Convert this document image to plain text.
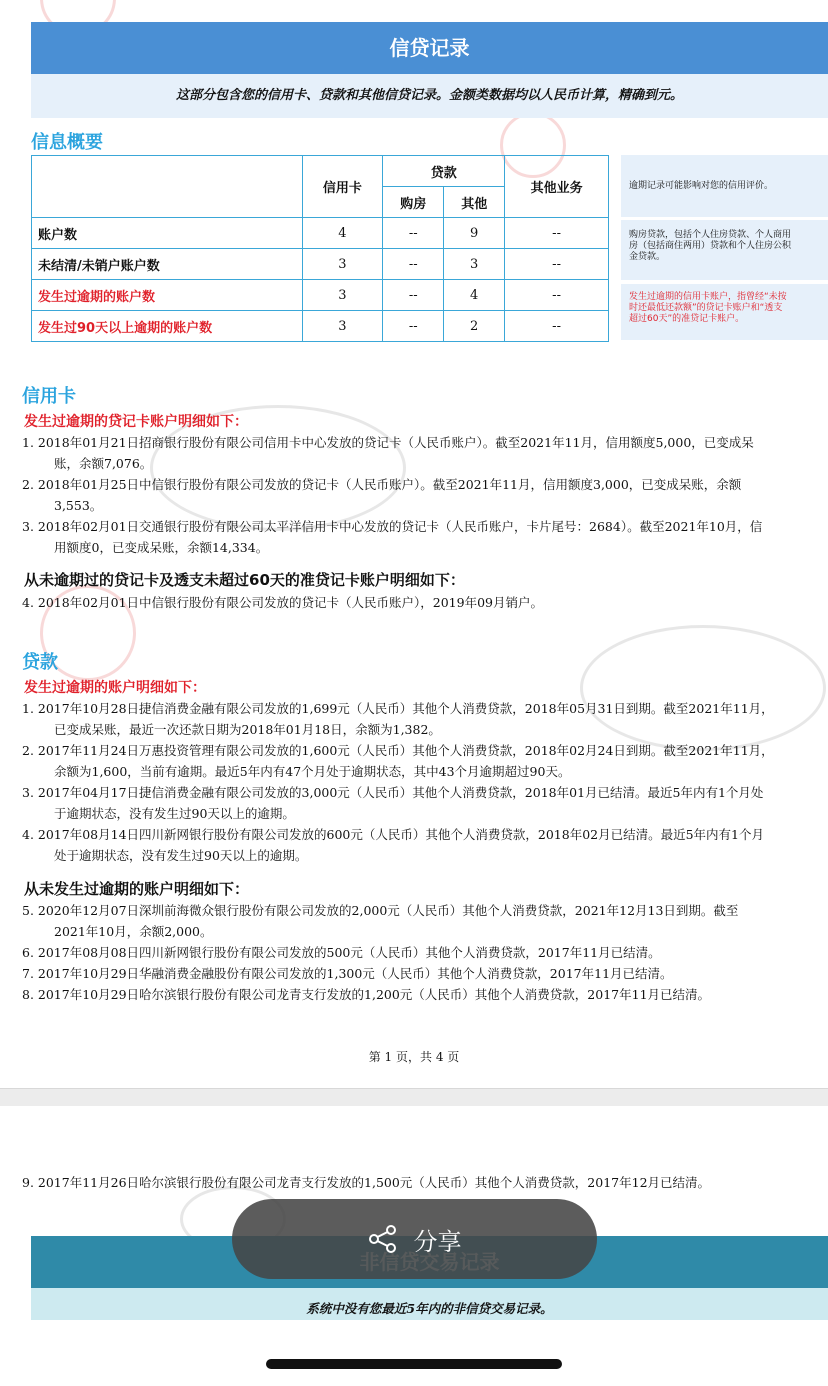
信贷记录
这部分包含您的信用卡、贷款和其他信贷记录。金额类数据均以人民币计算，精确到元。
信息概要
	信用卡	贷款		其他业务
		购房	其他	
账户数	4	--	9	--
未结清/未销户账户数	3	--	3	--
发生过逾期的账户数	3	--	4	--
发生过90天以上逾期的账户数	3	--	2	--
逾期记录可能影响对您的信用评价。
购房贷款，包括个人住房贷款、个人商用
房（包括商住两用）贷款和个人住房公积
金贷款。
发生过逾期的信用卡账户，指曾经“未按
时还最低还款额”的贷记卡账户和“透支
超过60天”的准贷记卡账户。
信用卡
发生过逾期的贷记卡账户明细如下：
1. 2018年01月21日招商银行股份有限公司信用卡中心发放的贷记卡（人民币账户）。截至2021年11月，信用额度5,000，已变成呆
账，余额7,076。
2. 2018年01月25日中信银行股份有限公司发放的贷记卡（人民币账户）。截至2021年11月，信用额度3,000，已变成呆账，余额
3,553。
3. 2018年02月01日交通银行股份有限公司太平洋信用卡中心发放的贷记卡（人民币账户，卡片尾号：2684）。截至2021年10月，信
用额度0，已变成呆账，余额14,334。
从未逾期过的贷记卡及透支未超过60天的准贷记卡账户明细如下：
4. 2018年02月01日中信银行股份有限公司发放的贷记卡（人民币账户），2019年09月销户。
贷款
发生过逾期的账户明细如下：
1. 2017年10月28日捷信消费金融有限公司发放的1,699元（人民币）其他个人消费贷款，2018年05月31日到期。截至2021年11月，
已变成呆账，最近一次还款日期为2018年01月18日，余额为1,382。
2. 2017年11月24日万惠投资管理有限公司发放的1,600元（人民币）其他个人消费贷款，2018年02月24日到期。截至2021年11月，
余额为1,600，当前有逾期。最近5年内有47个月处于逾期状态，其中43个月逾期超过90天。
3. 2017年04月17日捷信消费金融有限公司发放的3,000元（人民币）其他个人消费贷款，2018年01月已结清。最近5年内有1个月处
于逾期状态，没有发生过90天以上的逾期。
4. 2017年08月14日四川新网银行股份有限公司发放的600元（人民币）其他个人消费贷款，2018年02月已结清。最近5年内有1个月
处于逾期状态，没有发生过90天以上的逾期。
从未发生过逾期的账户明细如下：
5. 2020年12月07日深圳前海微众银行股份有限公司发放的2,000元（人民币）其他个人消费贷款，2021年12月13日到期。截至
2021年10月，余额2,000。
6. 2017年08月08日四川新网银行股份有限公司发放的500元（人民币）其他个人消费贷款，2017年11月已结清。
7. 2017年10月29日华融消费金融股份有限公司发放的1,300元（人民币）其他个人消费贷款，2017年11月已结清。
8. 2017年10月29日哈尔滨银行股份有限公司龙青支行发放的1,200元（人民币）其他个人消费贷款，2017年11月已结清。
第 1 页，共 4 页
9. 2017年11月26日哈尔滨银行股份有限公司龙青支行发放的1,500元（人民币）其他个人消费贷款，2017年12月已结清。
系统中没有您最近5年内的非信贷交易记录。
分享
